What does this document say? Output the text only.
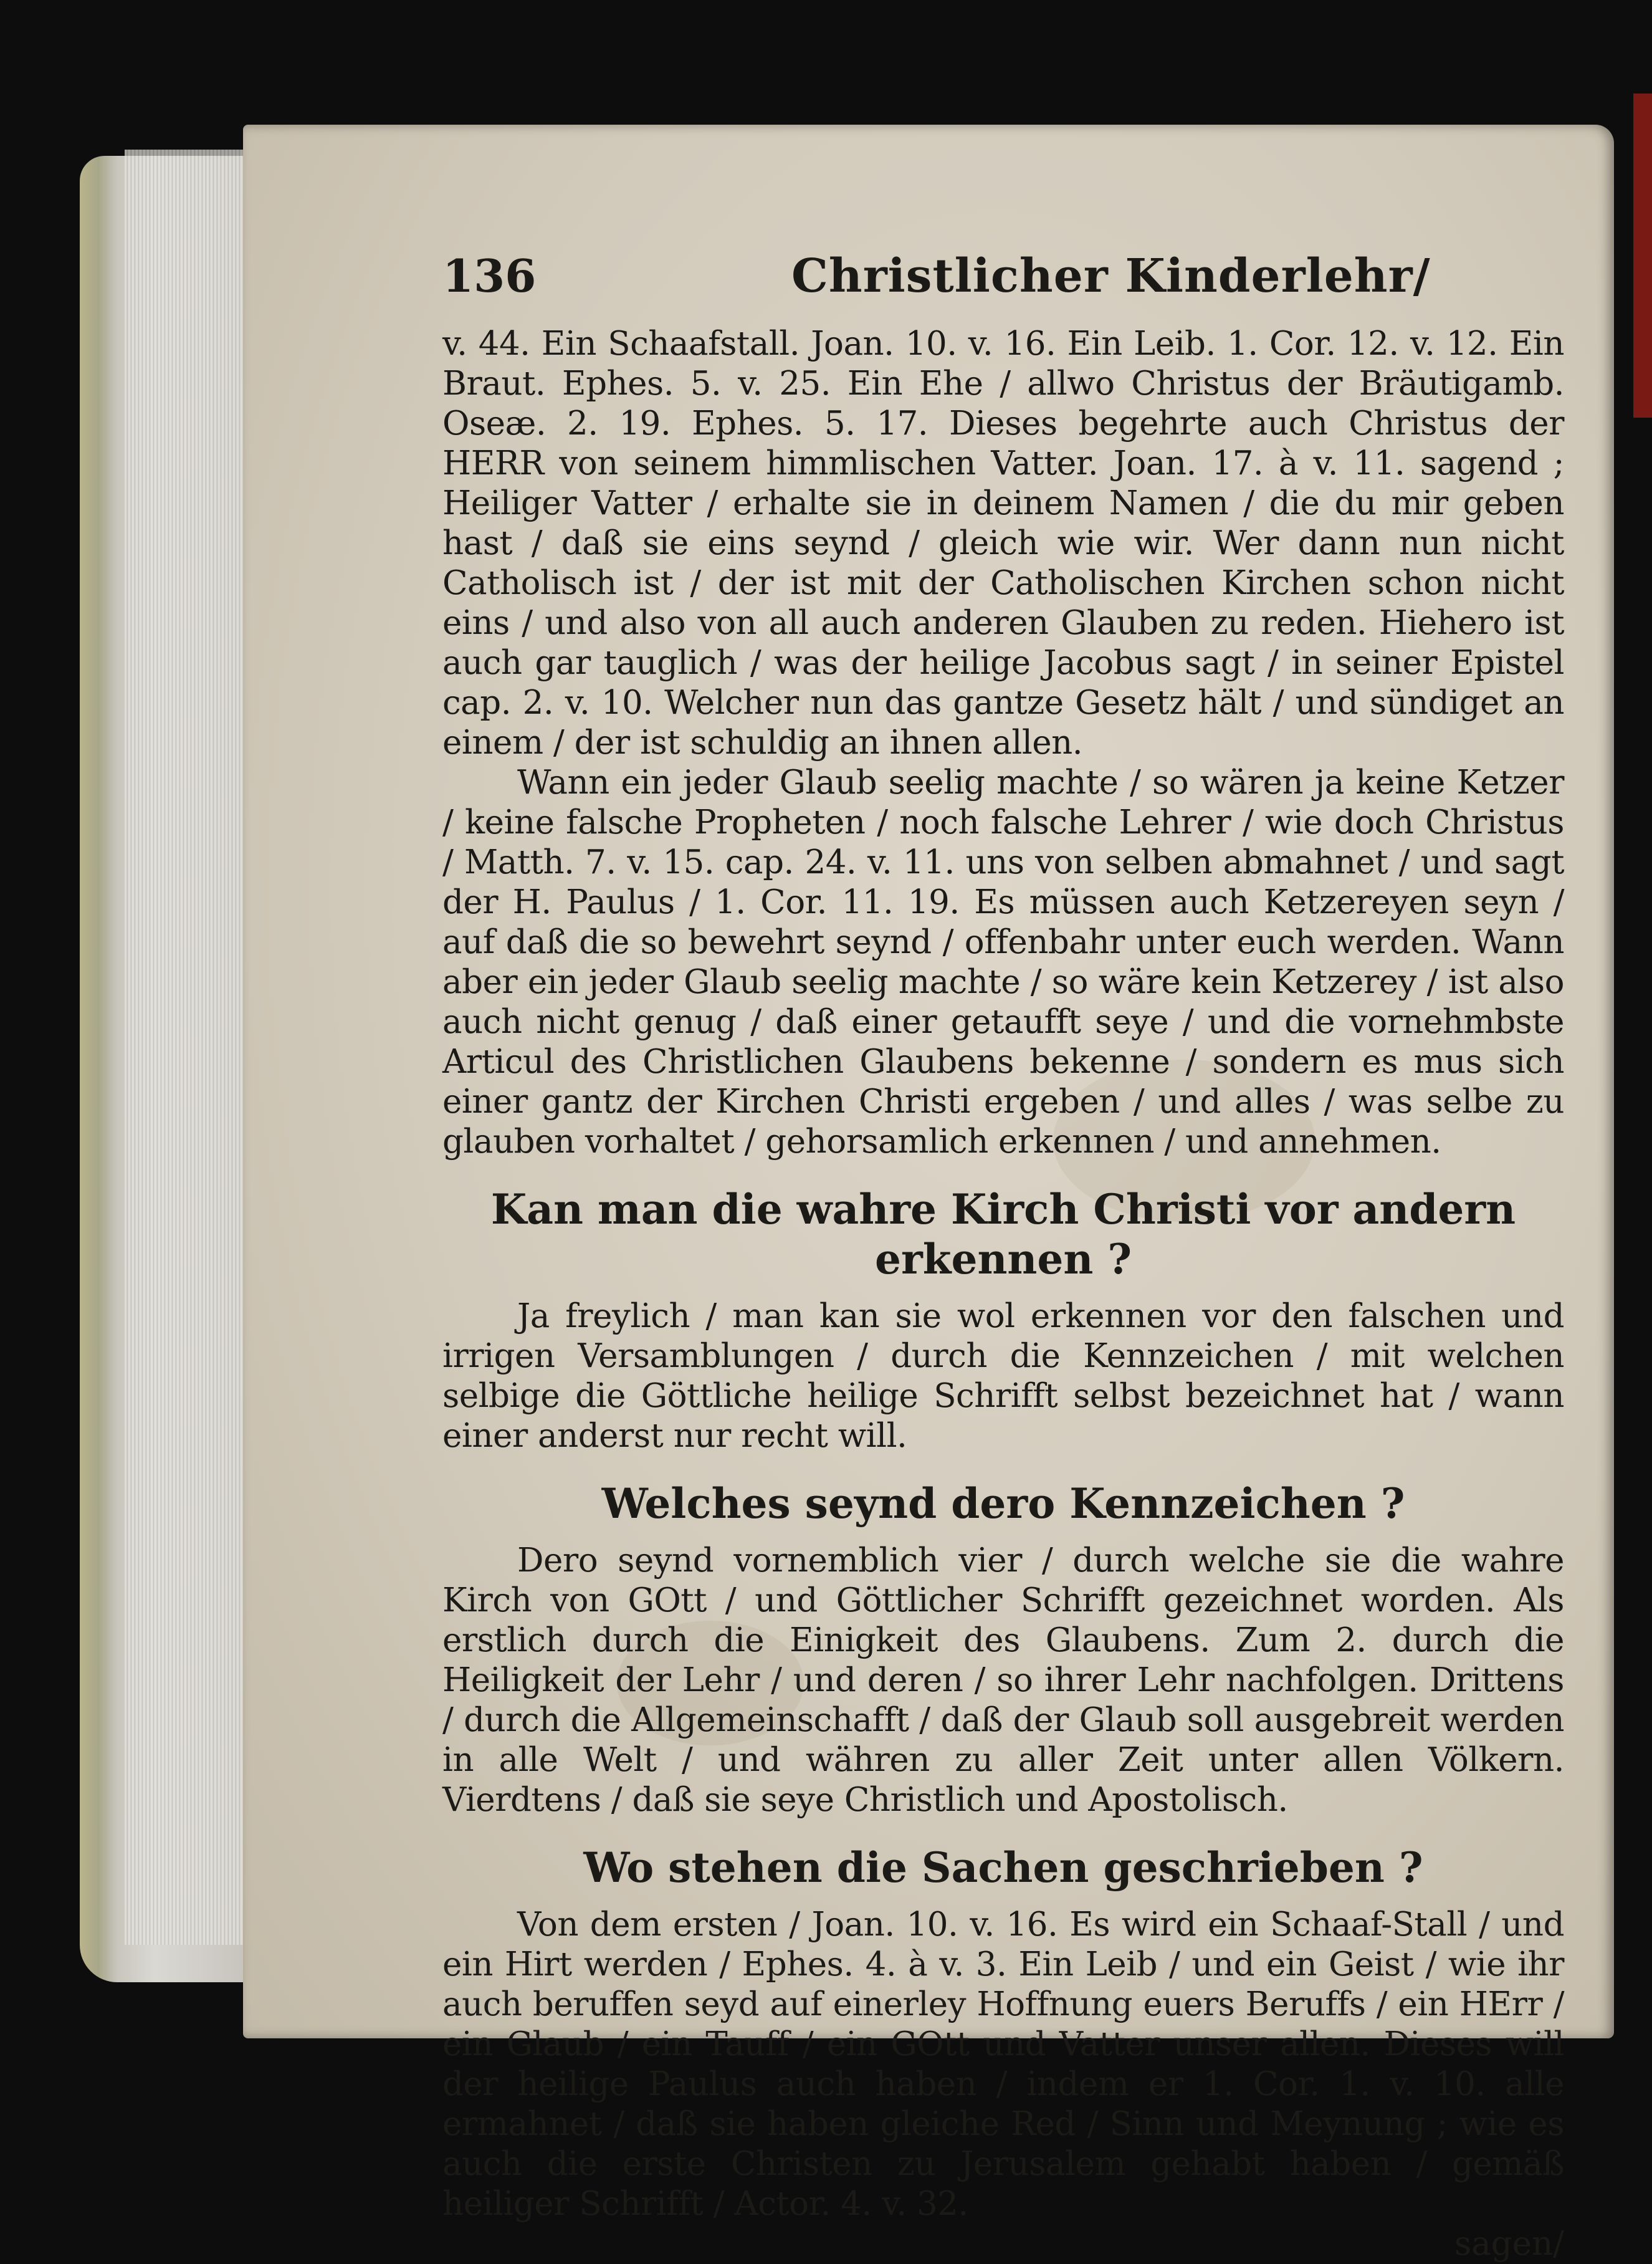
136	Christlicher Kinderlehr/

v. 44. Ein Schaafstall. Joan. 10. v. 16. Ein Leib. 1. Cor. 12. v. 12. Ein Braut. Ephes. 5. v. 25. Ein Ehe / allwo Christus der Bräutigamb. Oseæ. 2. 19. Ephes. 5. 17. Dieses begehrte auch Christus der HERR von seinem himmlischen Vatter. Joan. 17. à v. 11. sagend ; Heiliger Vatter / erhalte sie in deinem Namen / die du mir geben hast / daß sie eins seynd / gleich wie wir. Wer dann nun nicht Catholisch ist / der ist mit der Catholischen Kirchen schon nicht eins / und also von all auch anderen Glauben zu reden. Hiehero ist auch gar tauglich / was der heilige Jacobus sagt / in seiner Epistel cap. 2. v. 10. Welcher nun das gantze Gesetz hält / und sündiget an einem / der ist schuldig an ihnen allen.

Wann ein jeder Glaub seelig machte / so wären ja keine Ketzer / keine falsche Propheten / noch falsche Lehrer / wie doch Christus / Matth. 7. v. 15. cap. 24. v. 11. uns von selben abmahnet / und sagt der H. Paulus / 1. Cor. 11. 19. Es müssen auch Ketzereyen seyn / auf daß die so bewehrt seynd / offenbahr unter euch werden. Wann aber ein jeder Glaub seelig machte / so wäre kein Ketzerey / ist also auch nicht genug / daß einer getaufft seye / und die vornehmbste Articul des Christlichen Glaubens bekenne / sondern es mus sich einer gantz der Kirchen Christi ergeben / und alles / was selbe zu glauben vorhaltet / gehorsamlich erkennen / und annehmen.

Kan man die wahre Kirch Christi vor andern erkennen ?

Ja freylich / man kan sie wol erkennen vor den falschen und irrigen Versamblungen / durch die Kennzeichen / mit welchen selbige die Göttliche heilige Schrifft selbst bezeichnet hat / wann einer anderst nur recht will.

Welches seynd dero Kennzeichen ?

Dero seynd vornemblich vier / durch welche sie die wahre Kirch von GOtt / und Göttlicher Schrifft gezeichnet worden. Als erstlich durch die Einigkeit des Glaubens. Zum 2. durch die Heiligkeit der Lehr / und deren / so ihrer Lehr nachfolgen. Drittens / durch die Allgemeinschafft / daß der Glaub soll ausgebreit werden in alle Welt / und währen zu aller Zeit unter allen Völkern. Vierdtens / daß sie seye Christlich und Apostolisch.

Wo stehen die Sachen geschrieben ?

Von dem ersten / Joan. 10. v. 16. Es wird ein Schaaf-Stall / und ein Hirt werden / Ephes. 4. à v. 3. Ein Leib / und ein Geist / wie ihr auch beruffen seyd auf einerley Hoffnung euers Beruffs / ein HErr / ein Glaub / ein Tauff / ein GOtt und Vatter unser allen. Dieses will der heilige Paulus auch haben / indem er 1. Cor. 1. v. 10. alle ermahnet / daß sie haben gleiche Red / Sinn und Meynung ; wie es auch die erste Christen zu Jerusalem gehabt haben / gemäß heiliger Schrifft / Actor. 4. v. 32.

sagen/
